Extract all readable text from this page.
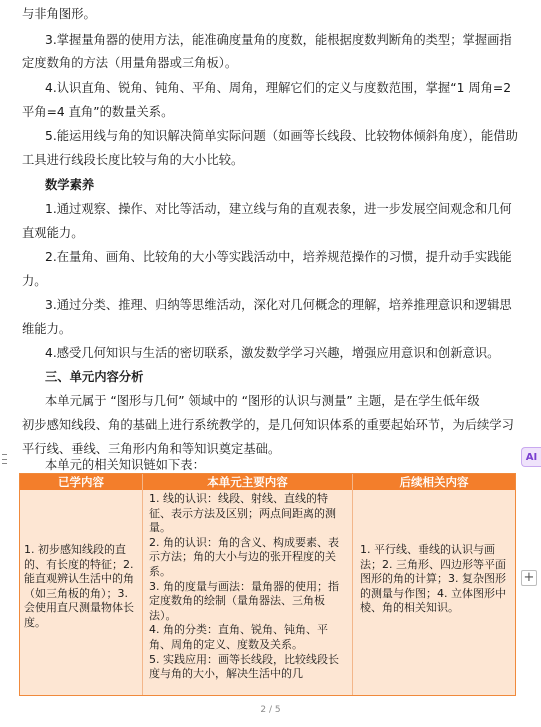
与非角图形。
3.掌握量角器的使用方法，能准确度量角的度数，能根据度数判断角的类型；掌握画指
定度数角的方法（用量角器或三角板）。
4.认识直角、锐角、钝角、平角、周角，理解它们的定义与度数范围，掌握“1 周角=2
平角=4 直角”的数量关系。
5.能运用线与角的知识解决简单实际问题（如画等长线段、比较物体倾斜角度），能借助
工具进行线段长度比较与角的大小比较。
数学素养
1.通过观察、操作、对比等活动，建立线与角的直观表象，进一步发展空间观念和几何
直观能力。
2.在量角、画角、比较角的大小等实践活动中，培养规范操作的习惯，提升动手实践能
力。
3.通过分类、推理、归纳等思维活动，深化对几何概念的理解，培养推理意识和逻辑思
维能力。
4.感受几何知识与生活的密切联系，激发数学学习兴趣，增强应用意识和创新意识。
三、单元内容分析
本单元属于 “图形与几何” 领域中的 “图形的认识与测量” 主题，是在学生低年级
初步感知线段、角的基础上进行系统教学的，是几何知识体系的重要起始环节，为后续学习
平行线、垂线、三角形内角和等知识奠定基础。
本单元的相关知识链如下表：
已学内容	本单元主要内容	后续相关内容

1. 初步感知线段的直的、有长度的特征；2. 能直观辨认生活中的角（如三角板的角）；3. 会使用直尺测量物体长度。

1. 线的认识：线段、射线、直线的特征、表示方法及区别；两点间距离的测量。

2. 角的认识：角的含义、构成要素、表示方法；角的大小与边的张开程度的关系。

3. 角的度量与画法：量角器的使用；指定度数角的绘制（量角器法、三角板法）。

4. 角的分类：直角、锐角、钝角、平角、周角的定义、度数及关系。

5. 实践应用：画等长线段，比较线段长度与角的大小，解决生活中的几

1. 平行线、垂线的认识与画法；2. 三角形、四边形等平面图形的角的计算；3. 复杂图形的测量与作图；4. 立体图形中棱、角的相关知识。

AI
+
2 / 5
